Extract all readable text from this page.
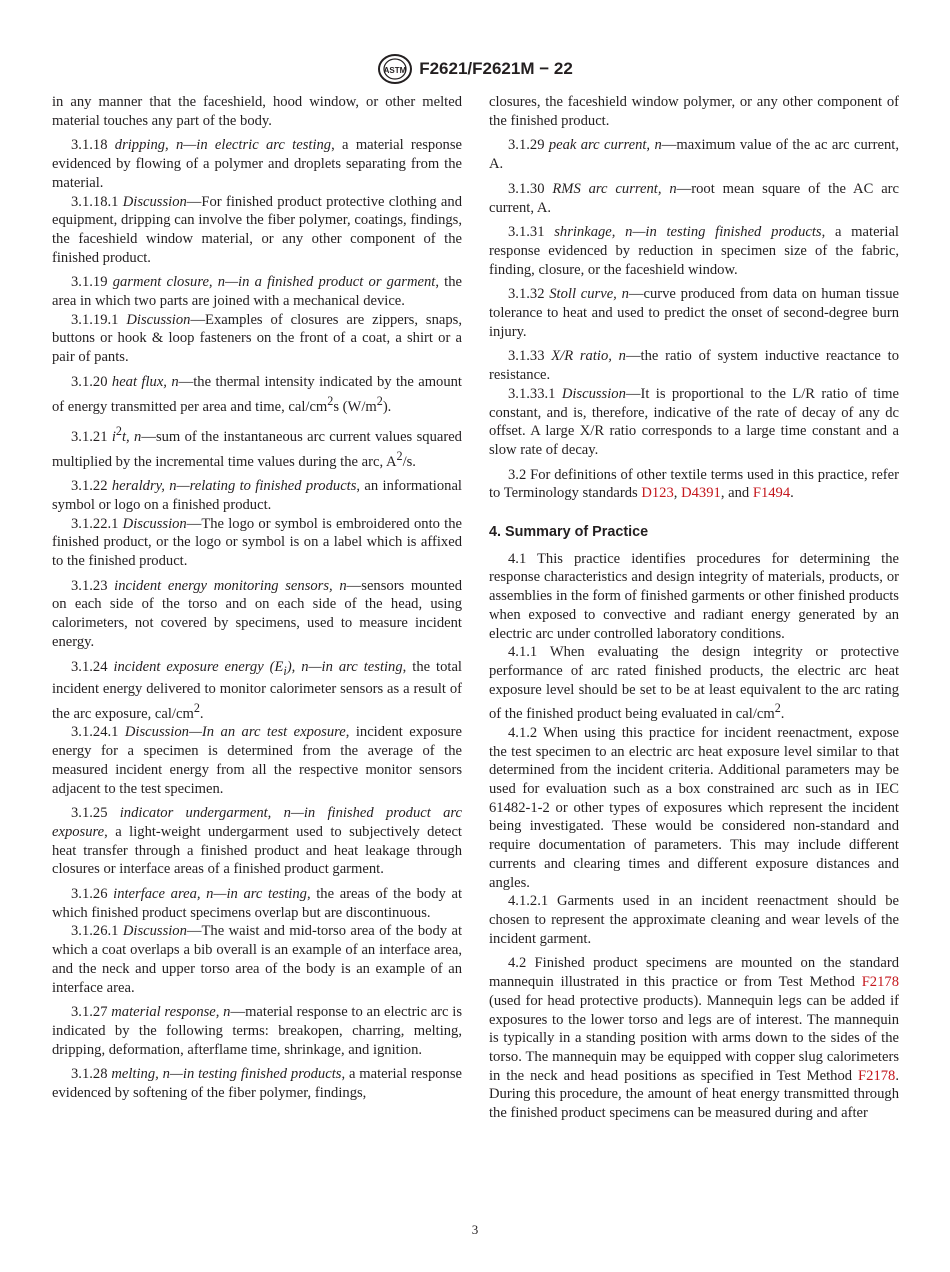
ASTM F2621/F2621M − 22

in any manner that the faceshield, hood window, or other melted material touches any part of the body.

3.1.18 dripping, n—in electric arc testing, a material response evidenced by flowing of a polymer and droplets separating from the material.

3.1.18.1 Discussion—For finished product protective clothing and equipment, dripping can involve the fiber polymer, coatings, findings, the faceshield window material, or any other component of the finished product.

3.1.19 garment closure, n—in a finished product or garment, the area in which two parts are joined with a mechanical device.

3.1.19.1 Discussion—Examples of closures are zippers, snaps, buttons or hook & loop fasteners on the front of a coat, a shirt or a pair of pants.

3.1.20 heat flux, n—the thermal intensity indicated by the amount of energy transmitted per area and time, cal/$cm^2s$ $(W/m^2)$.

3.1.21 $i^2t$, n—sum of the instantaneous arc current values squared multiplied by the incremental time values during the arc, $A^2/s$.

3.1.22 heraldry, n—relating to finished products, an informational symbol or logo on a finished product.

3.1.22.1 Discussion—The logo or symbol is embroidered onto the finished product, or the logo or symbol is on a label which is affixed to the finished product.

3.1.23 incident energy monitoring sensors, n—sensors mounted on each side of the torso and on each side of the head, using calorimeters, not covered by specimens, used to measure incident energy.

3.1.24 incident exposure energy $(E_i)$, n—in arc testing, the total incident energy delivered to monitor calorimeter sensors as a result of the arc exposure, cal/$cm^2$.

3.1.24.1 Discussion—In an arc test exposure, incident exposure energy for a specimen is determined from the average of the measured incident energy from all the respective monitor sensors adjacent to the test specimen.

3.1.25 indicator undergarment, n—in finished product arc exposure, a light-weight undergarment used to subjectively detect heat transfer through a finished product and heat leakage through closures or interface areas of a finished product garment.

3.1.26 interface area, n—in arc testing, the areas of the body at which finished product specimens overlap but are discontinuous.

3.1.26.1 Discussion—The waist and mid-torso area of the body at which a coat overlaps a bib overall is an example of an interface area, and the neck and upper torso area of the body is an example of an interface area.

3.1.27 material response, n—material response to an electric arc is indicated by the following terms: breakopen, charring, melting, dripping, deformation, afterflame time, shrinkage, and ignition.

3.1.28 melting, n—in testing finished products, a material response evidenced by softening of the fiber polymer, findings,

closures, the faceshield window polymer, or any other component of the finished product.

3.1.29 peak arc current, n—maximum value of the ac arc current, A.

3.1.30 RMS arc current, n—root mean square of the AC arc current, A.

3.1.31 shrinkage, n—in testing finished products, a material response evidenced by reduction in specimen size of the fabric, finding, closure, or the faceshield window.

3.1.32 Stoll curve, n—curve produced from data on human tissue tolerance to heat and used to predict the onset of second-degree burn injury.

3.1.33 X/R ratio, n—the ratio of system inductive reactance to resistance.

3.1.33.1 Discussion—It is proportional to the L/R ratio of time constant, and is, therefore, indicative of the rate of decay of any dc offset. A large X/R ratio corresponds to a large time constant and a slow rate of decay.

3.2 For definitions of other textile terms used in this practice, refer to Terminology standards D123, D4391, and F1494.

4. Summary of Practice

4.1 This practice identifies procedures for determining the response characteristics and design integrity of materials, products, or assemblies in the form of finished garments or other finished products when exposed to convective and radiant energy generated by an electric arc under controlled laboratory conditions.

4.1.1 When evaluating the design integrity or protective performance of arc rated finished products, the electric arc heat exposure level should be set to be at least equivalent to the arc rating of the finished product being evaluated in cal/$cm^2$.

4.1.2 When using this practice for incident reenactment, expose the test specimen to an electric arc heat exposure level similar to that determined from the incident criteria. Additional parameters may be used for evaluation such as a box constrained arc such as in IEC 61482-1-2 or other types of exposures which represent the incident being investigated. These would be considered non-standard and require documentation of parameters. This may include different currents and clearing times and different exposure distances and angles.

4.1.2.1 Garments used in an incident reenactment should be chosen to represent the approximate cleaning and wear levels of the incident garment.

4.2 Finished product specimens are mounted on the standard mannequin illustrated in this practice or from Test Method F2178 (used for head protective products). Mannequin legs can be added if exposures to the lower torso and legs are of interest. The mannequin is typically in a standing position with arms down to the sides of the torso. The mannequin may be equipped with copper slug calorimeters in the neck and head positions as specified in Test Method F2178. During this procedure, the amount of heat energy transmitted through the finished product specimens can be measured during and after

3
